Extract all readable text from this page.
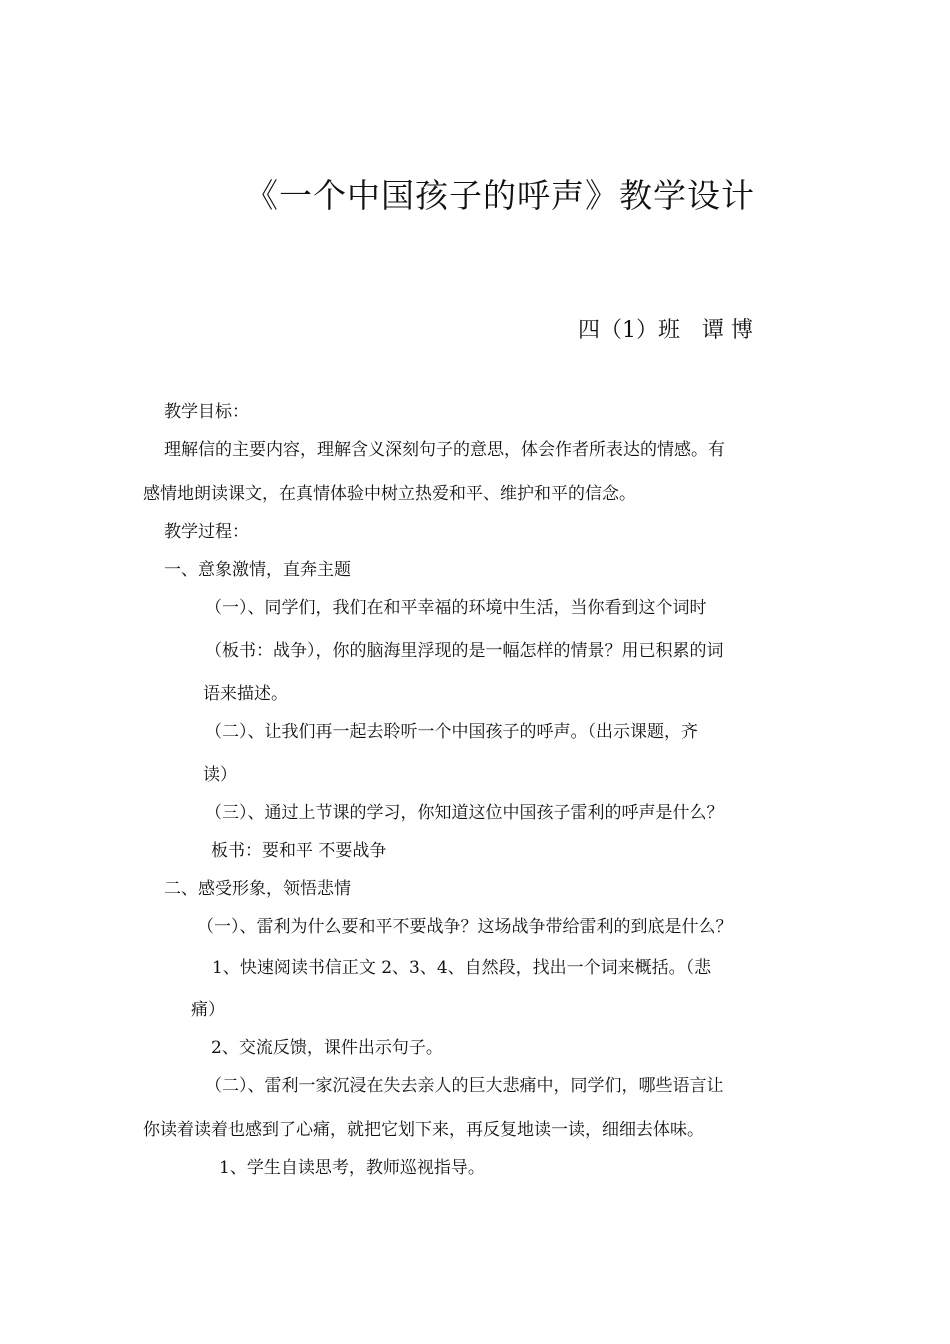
《一个中国孩子的呼声》教学设计
四（1）班　谭 博
教学目标：
理解信的主要内容，理解含义深刻句子的意思，体会作者所表达的情感。有
感情地朗读课文，在真情体验中树立热爱和平、维护和平的信念。
教学过程：
一、意象激情，直奔主题
（一）、同学们，我们在和平幸福的环境中生活，当你看到这个词时
（板书：战争），你的脑海里浮现的是一幅怎样的情景？用已积累的词
语来描述。
（二）、让我们再一起去聆听一个中国孩子的呼声。（出示课题，齐
读）
（三）、通过上节课的学习，你知道这位中国孩子雷利的呼声是什么？
板书：要和平 不要战争
二、感受形象，领悟悲情
（一）、雷利为什么要和平不要战争？这场战争带给雷利的到底是什么？
1、快速阅读书信正文 2、3、4、自然段，找出一个词来概括。（悲
痛）
2、交流反馈，课件出示句子。
（二）、雷利一家沉浸在失去亲人的巨大悲痛中，同学们，哪些语言让
你读着读着也感到了心痛，就把它划下来，再反复地读一读，细细去体味。
1、学生自读思考，教师巡视指导。
